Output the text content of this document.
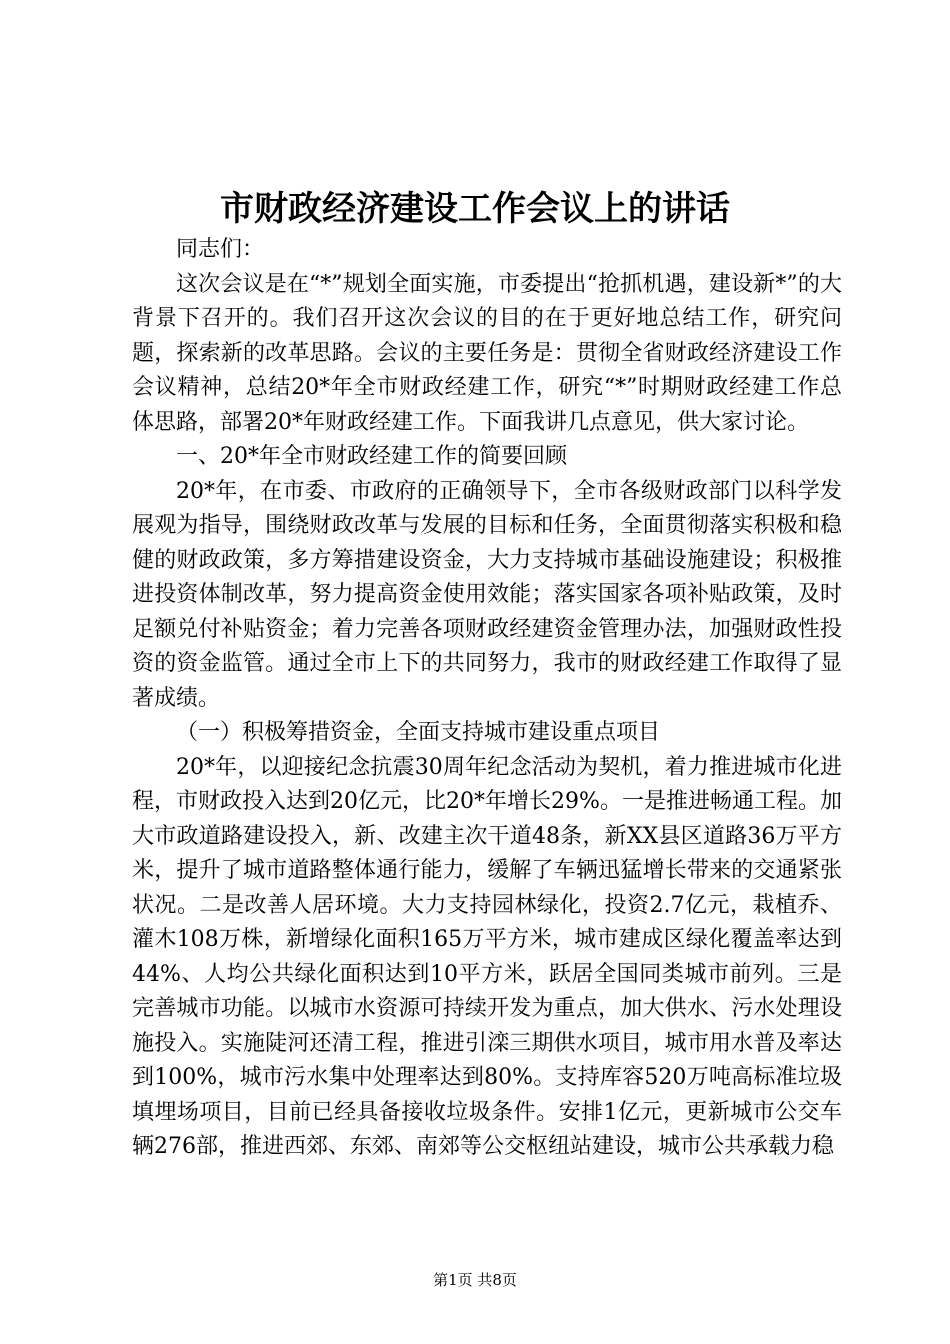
市财政经济建设工作会议上的讲话

同志们：

这次会议是在“*”规划全面实施，市委提出“抢抓机遇，建设新*”的大背景下召开的。我们召开这次会议的目的在于更好地总结工作，研究问题，探索新的改革思路。会议的主要任务是：贯彻全省财政经济建设工作会议精神，总结20*年全市财政经建工作，研究“*”时期财政经建工作总体思路，部署20*年财政经建工作。下面我讲几点意见，供大家讨论。

一、20*年全市财政经建工作的简要回顾

20*年，在市委、市政府的正确领导下，全市各级财政部门以科学发展观为指导，围绕财政改革与发展的目标和任务，全面贯彻落实积极和稳健的财政政策，多方筹措建设资金，大力支持城市基础设施建设；积极推进投资体制改革，努力提高资金使用效能；落实国家各项补贴政策，及时足额兑付补贴资金；着力完善各项财政经建资金管理办法，加强财政性投资的资金监管。通过全市上下的共同努力，我市的财政经建工作取得了显著成绩。

（一）积极筹措资金，全面支持城市建设重点项目

20*年，以迎接纪念抗震30周年纪念活动为契机，着力推进城市化进程，市财政投入达到20亿元，比20*年增长29%。一是推进畅通工程。加大市政道路建设投入，新、改建主次干道48条，新XX县区道路36万平方米，提升了城市道路整体通行能力，缓解了车辆迅猛增长带来的交通紧张状况。二是改善人居环境。大力支持园林绿化，投资2.7亿元，栽植乔、灌木108万株，新增绿化面积165万平方米，城市建成区绿化覆盖率达到44%、人均公共绿化面积达到10平方米，跃居全国同类城市前列。三是完善城市功能。以城市水资源可持续开发为重点，加大供水、污水处理设施投入。实施陡河还清工程，推进引滦三期供水项目，城市用水普及率达到100%，城市污水集中处理率达到80%。支持库容520万吨高标准垃圾填埋场项目，目前已经具备接收垃圾条件。安排1亿元，更新城市公交车辆276部，推进西郊、东郊、南郊等公交枢纽站建设，城市公共承载力稳

第1页 共8页
